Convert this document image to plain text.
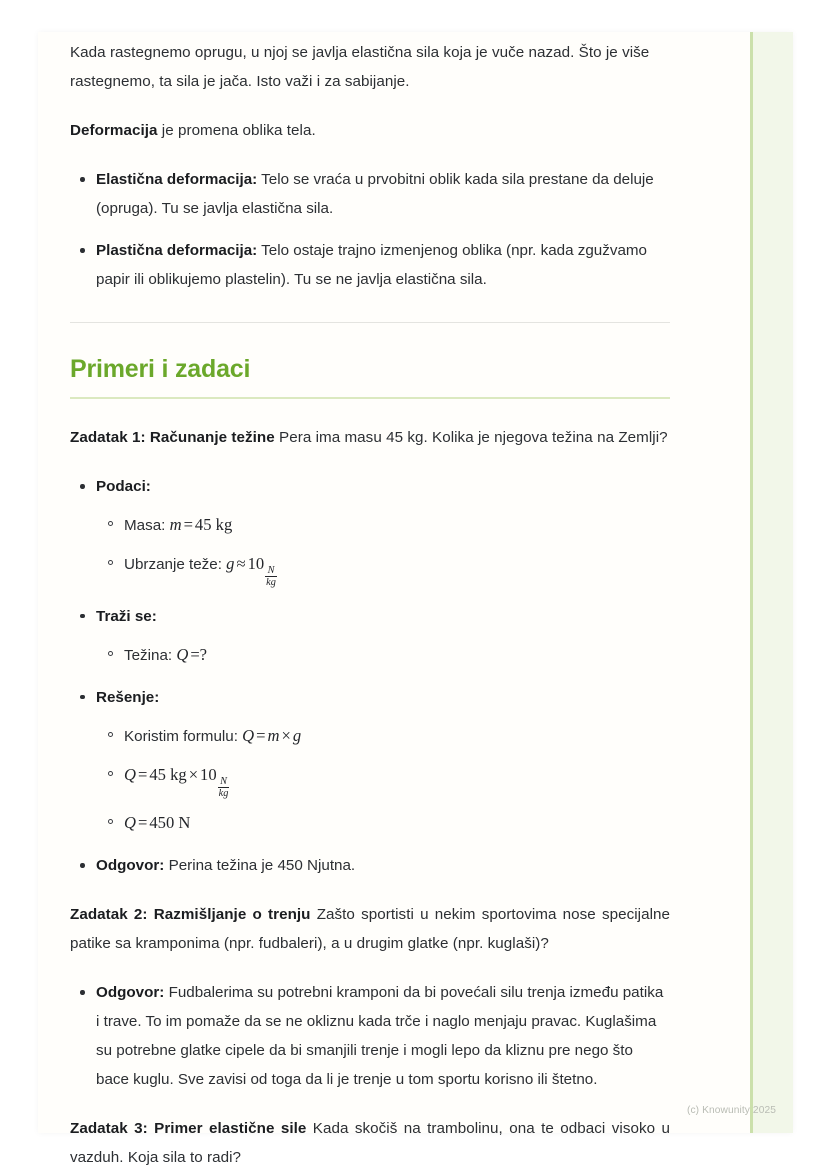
Kada rastegnemo oprugu, u njoj se javlja elastična sila koja je vuče nazad. Što je više rastegnemo, ta sila je jača. Isto važi i za sabijanje.

Deformacija je promena oblika tela.

Elastična deformacija: Telo se vraća u prvobitni oblik kada sila prestane da deluje (opruga). Tu se javlja elastična sila.
Plastična deformacija: Telo ostaje trajno izmenjenog oblika (npr. kada zgužvamo papir ili oblikujemo plastelin). Tu se ne javlja elastična sila.
Primeri i zadaci

Zadatak 1: Računanje težine Pera ima masu 45 kg. Kolika je njegova težina na Zemlji?

Podaci:
Masa: m = 45 kg
Ubrzanje teže: g ≈ 10
$\frac{N}{kg}$
Traži se:
Težina: Q =?
Rešenje:
Koristim formulu: Q = m × g
Q = 45 kg × 10
$\frac{N}{kg}$
Q = 450 N
Odgovor: Perina težina je 450 Njutna.

Zadatak 2: Razmišljanje o trenju Zašto sportisti u nekim sportovima nose specijalne patike sa kramponima (npr. fudbaleri), a u drugim glatke (npr. kuglaši)?

Odgovor: Fudbalerima su potrebni kramponi da bi povećali silu trenja između patika i trave. To im pomaže da se ne okliznu kada trče i naglo menjaju pravac. Kuglašima su potrebne glatke cipele da bi smanjili trenje i mogli lepo da kliznu pre nego što bace kuglu. Sve zavisi od toga da li je trenje u tom sportu korisno ili štetno.

Zadatak 3: Primer elastične sile Kada skočiš na trambolinu, ona te odbaci visoko u vazduh. Koja sila to radi?

(c) Knowunity 2025
